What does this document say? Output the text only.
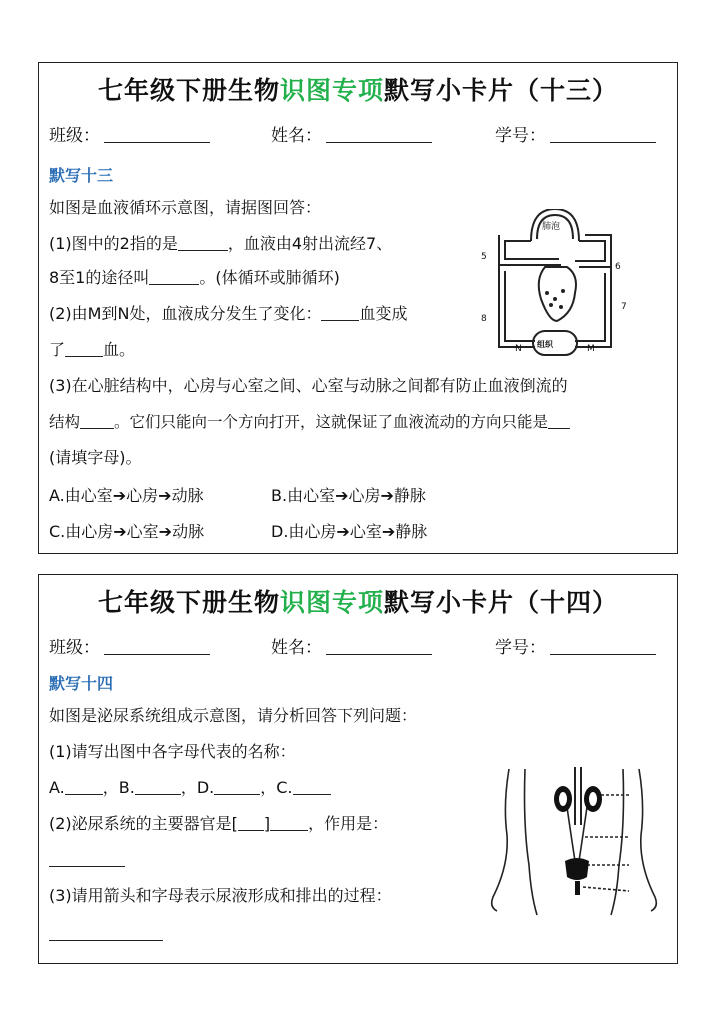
七年级下册生物识图专项默写小卡片（十三）
班级：	姓名：	学号：
默写十三
如图是血液循环示意图，请据图回答：
(1)图中的2指的是	，血液由4射出流经7、
8至1的途径叫	。(体循环或肺循环)
(2)由M到N处，血液成分发生了变化： 血变成
了 血。
(3)在心脏结构中，心房与心室之间、心室与动脉之间都有防止血液倒流的
结构 。它们只能向一个方向打开，这就保证了血液流动的方向只能是
(请填字母)。
A.由心室➔心房➔动脉	B.由心室➔心房➔静脉
C.由心房➔心室➔动脉	D.由心房➔心室➔静脉
肺泡
组织
5
6
7
8
N	M
七年级下册生物识图专项默写小卡片（十四）
班级：	姓名：	学号：
默写十四
如图是泌尿系统组成示意图，请分析回答下列问题：
(1)请写出图中各字母代表的名称：
A. ，B.	，D.	，C.
(2)泌尿系统的主要器官是[ ] ，作用是：
(3)请用箭头和字母表示尿液形成和排出的过程：
